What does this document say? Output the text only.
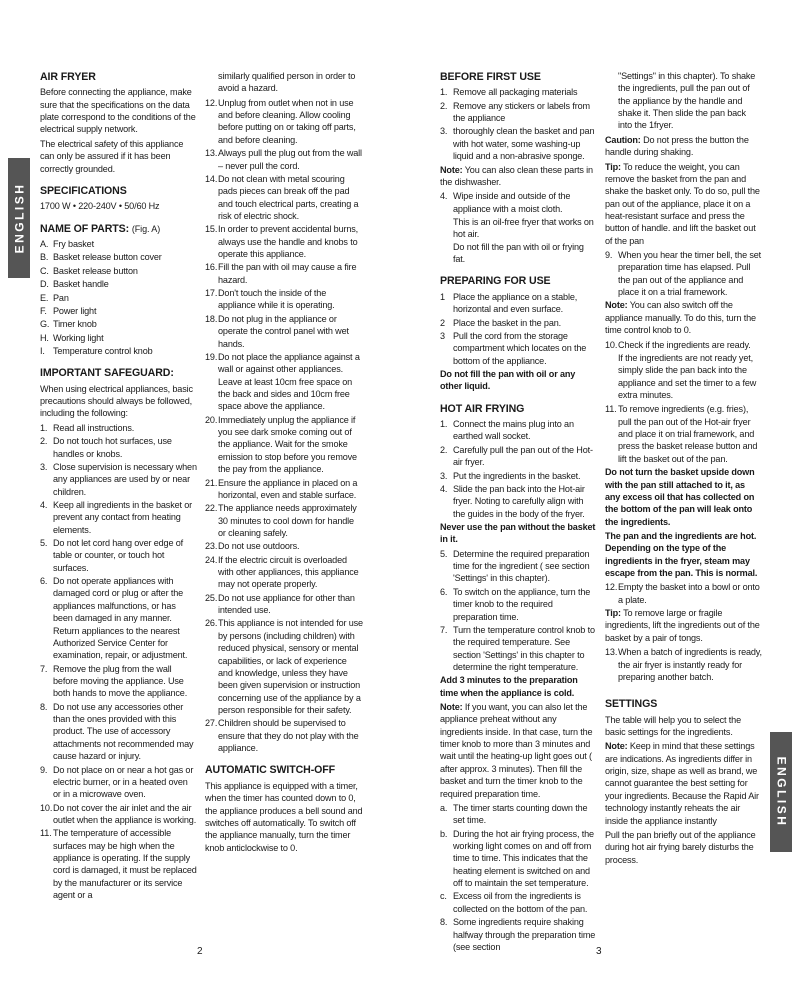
ENGLISH
ENGLISH
AIR FRYER

Before connecting the appliance, make sure that the specifications on the data plate correspond to the conditions of the electrical supply network.

The electrical safety of this appliance can only be assured if it has been correctly grounded.

SPECIFICATIONS

1700 W • 220-240V • 50/60 Hz

NAME OF PARTS: (Fig. A)
A. Fry basket
B. Basket release button cover
C. Basket release button
D. Basket handle
E. Pan
F. Power light
G. Timer knob
H. Working light
I. Temperature control knob
IMPORTANT SAFEGUARD:

When using electrical appliances, basic precautions should always be followed, including the following:

1. Read all instructions.
2. Do not touch hot surfaces, use handles or knobs.
3. Close supervision is necessary when any appliances are used by or near children.
4. Keep all ingredients in the basket or prevent any contact from heating elements.
5. Do not let cord hang over edge of table or counter, or touch hot surfaces.
6. Do not operate appliances with damaged cord or plug or after the appliances malfunctions, or has been damaged in any manner. Return appliances to the nearest Authorized Service Center for examination, repair, or adjustment.
7. Remove the plug from the wall before moving the appliance. Use both hands to move the appliance.
8. Do not use any accessories other than the ones provided with this product. The use of accessory attachments not recommended may cause hazard or injury.
9. Do not place on or near a hot gas or electric burner, or in a heated oven or in a microwave oven.
10. Do not cover the air inlet and the air outlet when the appliance is working.
11. The temperature of accessible surfaces may be high when the appliance is operating. If the supply cord is damaged, it must be replaced by the manufacturer or its service agent or a

similarly qualified person in order to avoid a hazard.

12. Unplug from outlet when not in use and before cleaning. Allow cooling before putting on or taking off parts, and before cleaning.
13. Always pull the plug out from the wall – never pull the cord.
14. Do not clean with metal scouring pads pieces can break off the pad and touch electrical parts, creating a risk of electric shock.
15. In order to prevent accidental burns, always use the handle and knobs to operate this appliance.
16. Fill the pan with oil may cause a fire hazard.
17. Don't touch the inside of the appliance while it is operating.
18. Do not plug in the appliance or operate the control panel with wet hands.
19. Do not place the appliance against a wall or against other appliances. Leave at least 10cm free space on the back and sides and 10cm free space above the appliance.
20. Immediately unplug the appliance if you see dark smoke coming out of the appliance. Wait for the smoke emission to stop before you remove the pay from the appliance.
21. Ensure the appliance in placed on a horizontal, even and stable surface.
22. The appliance needs approximately 30 minutes to cool down for handle or cleaning safely.
23. Do not use outdoors.
24. If the electric circuit is overloaded with other appliances, this appliance may not operate properly.
25. Do not use appliance for other than intended use.
26. This appliance is not intended for use by persons (including children) with reduced physical, sensory or mental capabilities, or lack of experience and knowledge, unless they have been given supervision or instruction concerning use of the appliance by a person responsible for their safety.
27. Children should be supervised to ensure that they do not play with the appliance.
AUTOMATIC SWITCH-OFF

This appliance is equipped with a timer, when the timer has counted down to 0, the appliance produces a bell sound and switches off automatically. To switch off the appliance manually, turn the timer knob anticlockwise to 0.

BEFORE FIRST USE
1. Remove all packaging materials
2. Remove any stickers or labels from the appliance
3. thoroughly clean the basket and pan with hot water, some washing-up liquid and a non-abrasive sponge.

Note: You can also clean these parts in the dishwasher.

4. Wipe inside and outside of the appliance with a moist cloth.

This is an oil-free fryer that works on hot air.

Do not fill the pan with oil or frying fat.

PREPARING FOR USE
1 Place the appliance on a stable, horizontal and even surface.
2 Place the basket in the pan.
3 Pull the cord from the storage compartment which locates on the bottom of the appliance.

Do not fill the pan with oil or any other liquid.

HOT AIR FRYING
1. Connect the mains plug into an earthed wall socket.
2. Carefully pull the pan out of the Hot-air fryer.
3. Put the ingredients in the basket.
4. Slide the pan back into the Hot-air fryer. Noting to carefully align with the guides in the body of the fryer.

Never use the pan without the basket in it.

5. Determine the required preparation time for the ingredient ( see section 'Settings' in this chapter).
6. To switch on the appliance, turn the timer knob to the required preparation time.
7. Turn the temperature control knob to the required temperature. See section 'Settings' in this chapter to determine the right temperature.

Add 3 minutes to the preparation time when the appliance is cold.

Note: If you want, you can also let the appliance preheat without any ingredients inside. In that case, turn the timer knob to more than 3 minutes and wait until the heating-up light goes out ( after approx. 3 minutes). Then fill the basket and turn the timer knob to the required preparation time.

a. The timer starts counting down the set time.
b. During the hot air frying process, the working light comes on and off from time to time. This indicates that the heating element is switched on and off to maintain the set temperature.
c. Excess oil from the ingredients is collected on the bottom of the pan.
8. Some ingredients require shaking halfway through the preparation time (see section

"Settings" in this chapter). To shake the ingredients, pull the pan out of the appliance by the handle and shake it. Then slide the pan back into the 1fryer.

Caution: Do not press the button the handle during shaking.

Tip: To reduce the weight, you can remove the basket from the pan and shake the basket only. To do so, pull the pan out of the appliance, place it on a heat-resistant surface and press the button of handle. and lift the basket out of the pan

9. When you hear the timer bell, the set preparation time has elapsed. Pull the pan out of the appliance and place it on a trial framework.

Note: You can also switch off the appliance manually. To do this, turn the time control knob to 0.

10. Check if the ingredients are ready.

If the ingredients are not ready yet, simply slide the pan back into the appliance and set the timer to a few extra minutes.

11. To remove ingredients (e.g. fries), pull the pan out of the Hot-air fryer and place it on trial framework, and press the basket release button and lift the basket out of the pan.

Do not turn the basket upside down with the pan still attached to it, as any excess oil that has collected on the bottom of the pan will leak onto the ingredients.

The pan and the ingredients are hot. Depending on the type of the ingredients in the fryer, steam may escape from the pan. This is normal.

12. Empty the basket into a bowl or onto a plate.

Tip: To remove large or fragile ingredients, lift the ingredients out of the basket by a pair of tongs.

13. When a batch of ingredients is ready, the air fryer is instantly ready for preparing another batch.
SETTINGS

The table will help you to select the basic settings for the ingredients.

Note: Keep in mind that these settings are indications. As ingredients differ in origin, size, shape as well as brand, we cannot guarantee the best setting for your ingredients. Because the Rapid Air technology instantly reheats the air inside the appliance instantly

Pull the pan briefly out of the appliance during hot air frying barely disturbs the process.

2	3
